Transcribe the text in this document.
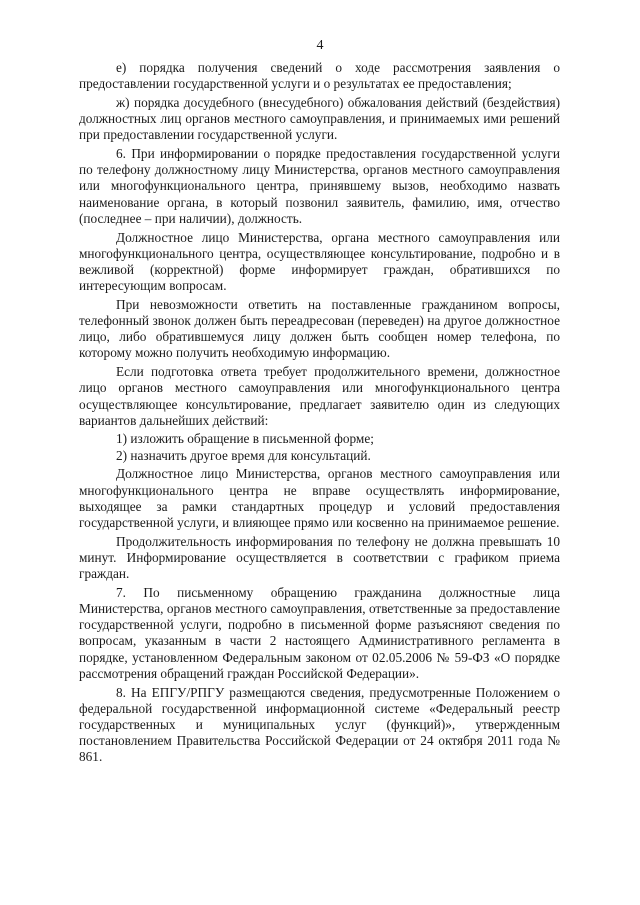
4

е) порядка получения сведений о ходе рассмотрения заявления о предоставлении государственной услуги и о результатах ее предоставления;

ж) порядка досудебного (внесудебного) обжалования действий (бездействия) должностных лиц органов местного самоуправления, и принимаемых ими решений при предоставлении государственной услуги.

6. При информировании о порядке предоставления государственной услуги по телефону должностному лицу Министерства, органов местного самоуправления или многофункционального центра, принявшему вызов, необходимо назвать наименование органа, в который позвонил заявитель, фамилию, имя, отчество (последнее – при наличии), должность.

Должностное лицо Министерства, органа местного самоуправления или многофункционального центра, осуществляющее консультирование, подробно и в вежливой (корректной) форме информирует граждан, обратившихся по интересующим вопросам.

При невозможности ответить на поставленные гражданином вопросы, телефонный звонок должен быть переадресован (переведен) на другое должностное лицо, либо обратившемуся лицу должен быть сообщен номер телефона, по которому можно получить необходимую информацию.

Если подготовка ответа требует продолжительного времени, должностное лицо органов местного самоуправления или многофункционального центра осуществляющее консультирование, предлагает заявителю один из следующих вариантов дальнейших действий:

1) изложить обращение в письменной форме;

2) назначить другое время для консультаций.

Должностное лицо Министерства, органов местного самоуправления или многофункционального центра не вправе осуществлять информирование, выходящее за рамки стандартных процедур и условий предоставления государственной услуги, и влияющее прямо или косвенно на принимаемое решение.

Продолжительность информирования по телефону не должна превышать 10 минут. Информирование осуществляется в соответствии с графиком приема граждан.

7. По письменному обращению гражданина должностные лица Министерства, органов местного самоуправления, ответственные за предоставление государственной услуги, подробно в письменной форме разъясняют сведения по вопросам, указанным в части 2 настоящего Административного регламента в порядке, установленном Федеральным законом от 02.05.2006 № 59-ФЗ «О порядке рассмотрения обращений граждан Российской Федерации».

8. На ЕПГУ/РПГУ размещаются сведения, предусмотренные Положением о федеральной государственной информационной системе «Федеральный реестр государственных и муниципальных услуг (функций)», утвержденным постановлением Правительства Российской Федерации от 24 октября 2011 года № 861.
